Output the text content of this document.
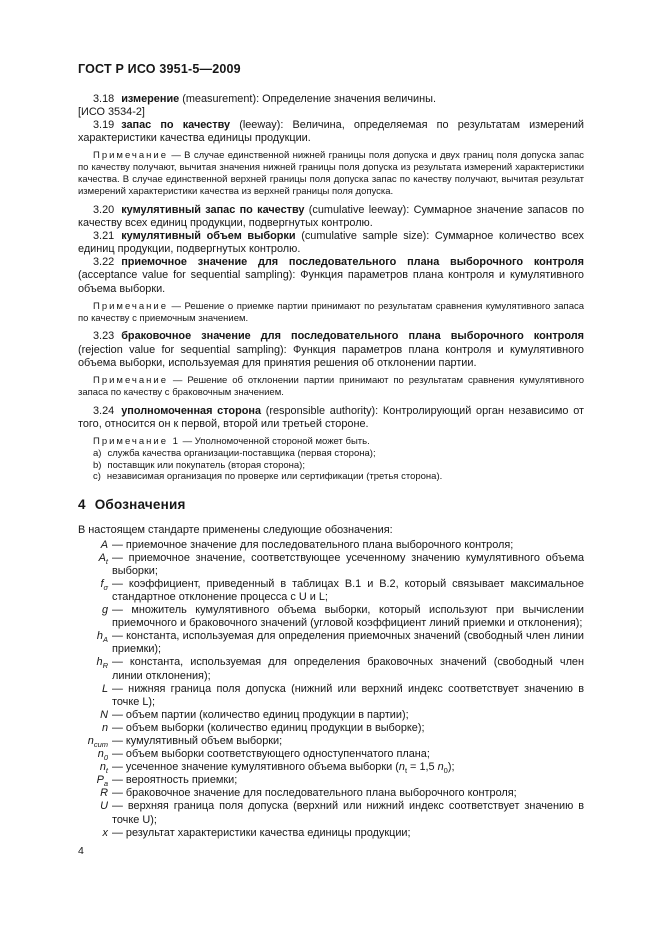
ГОСТ Р ИСО 3951-5—2009

3.18 измерение (measurement): Определение значения величины.

[ИСО 3534-2]

3.19 запас по качеству (leeway): Величина, определяемая по результатам измерений характеристики качества единицы продукции.

Примечание — В случае единственной нижней границы поля допуска и двух границ поля допуска запас по качеству получают, вычитая значения нижней границы поля допуска из результата измерений характеристики качества. В случае единственной верхней границы поля допуска запас по качеству получают, вычитая результат измерений характеристики качества из верхней границы поля допуска.

3.20 кумулятивный запас по качеству (cumulative leeway): Суммарное значение запасов по качеству всех единиц продукции, подвергнутых контролю.

3.21 кумулятивный объем выборки (cumulative sample size): Суммарное количество всех единиц продукции, подвергнутых контролю.

3.22 приемочное значение для последовательного плана выборочного контроля (acceptance value for sequential sampling): Функция параметров плана контроля и кумулятивного объема выборки.

Примечание — Решение о приемке партии принимают по результатам сравнения кумулятивного запаса по качеству с приемочным значением.

3.23 браковочное значение для последовательного плана выборочного контроля (rejection value for sequential sampling): Функция параметров плана контроля и кумулятивного объема выборки, используемая для принятия решения об отклонении партии.

Примечание — Решение об отклонении партии принимают по результатам сравнения кумулятивного запаса по качеству с браковочным значением.

3.24 уполномоченная сторона (responsible authority): Контролирующий орган независимо от того, относится он к первой, второй или третьей стороне.

Примечание 1 — Уполномоченной стороной может быть.

a) служба качества организации-поставщика (первая сторона);

b) поставщик или покупатель (вторая сторона);

c) независимая организация по проверке или сертификации (третья сторона).

4 Обозначения

В настоящем стандарте применены следующие обозначения:

A — приемочное значение для последовательного плана выборочного контроля;
$A_t$ — приемочное значение, соответствующее усеченному значению кумулятивного объема выборки;
$f_\sigma$ — коэффициент, приведенный в таблицах В.1 и В.2, который связывает максимальное стандартное отклонение процесса с U и L;
g — множитель кумулятивного объема выборки, который используют при вычислении приемочного и браковочного значений (угловой коэффициент линий приемки и отклонения);
$h_A$ — константа, используемая для определения приемочных значений (свободный член линии приемки);
$h_R$ — константа, используемая для определения браковочных значений (свободный член линии отклонения);
L — нижняя граница поля допуска (нижний или верхний индекс соответствует значению в точке L);
N — объем партии (количество единиц продукции в партии);
n — объем выборки (количество единиц продукции в выборке);
$n_{cum}$ — кумулятивный объем выборки;
$n_0$ — объем выборки соответствующего одноступенчатого плана;
$n_t$ — усеченное значение кумулятивного объема выборки ($n_t = 1,5$ $n_0$);
$P_a$ — вероятность приемки;
R — браковочное значение для последовательного плана выборочного контроля;
U — верхняя граница поля допуска (верхний или нижний индекс соответствует значению в точке U);
x — результат характеристики качества единицы продукции;
4
